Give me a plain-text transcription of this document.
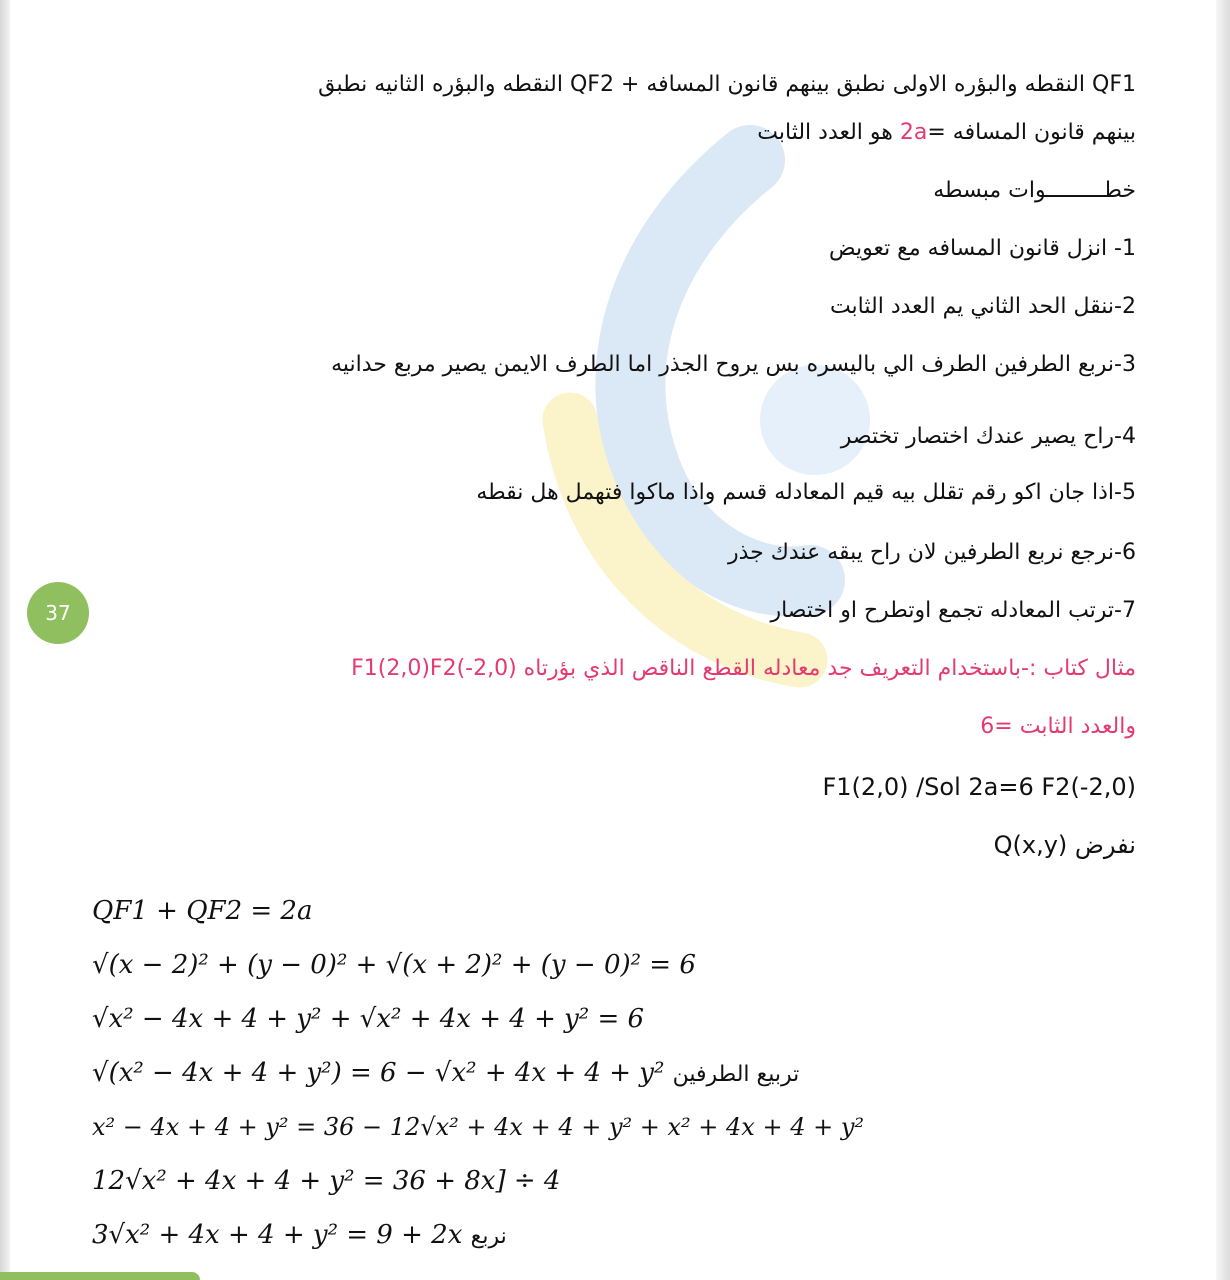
37
QF1 النقطه والبؤره الاولى نطبق بينهم قانون المسافه + QF2 النقطه والبؤره الثانيه نطبق
بينهم قانون المسافه =2a هو العدد الثابت
خطـــــــــوات مبسطه
1- انزل قانون المسافه مع تعويض
2-ننقل الحد الثاني يم العدد الثابت
3-نربع الطرفين الطرف الي باليسره بس يروح الجذر اما الطرف الايمن يصير مربع حدانيه
4-راح يصير عندك اختصار تختصر
5-اذا جان اكو رقم تقلل بيه قيم المعادله قسم واذا ماكوا فتهمل هل نقطه
6-نرجع نربع الطرفين لان راح يبقه عندك جذر
7-ترتب المعادله تجمع اوتطرح او اختصار
مثال كتاب :-باستخدام التعريف جد معادله القطع الناقص الذي بؤرتاه F1(2,0)F2(-2,0)
والعدد الثابت =6
F1(2,0) /Sol 2a=6 F2(-2,0)
نفرض Q(x,y)
QF1 + QF2 = 2a
√(x − 2)² + (y − 0)² + √(x + 2)² + (y − 0)² = 6
√x² − 4x + 4 + y² + √x² + 4x + 4 + y² = 6
√(x² − 4x + 4 + y²) = 6 − √x² + 4x + 4 + y² تربيع الطرفين
x² − 4x + 4 + y² = 36 − 12√x² + 4x + 4 + y² + x² + 4x + 4 + y²
12√x² + 4x + 4 + y² = 36 + 8x] ÷ 4
3√x² + 4x + 4 + y² = 9 + 2x نربع
